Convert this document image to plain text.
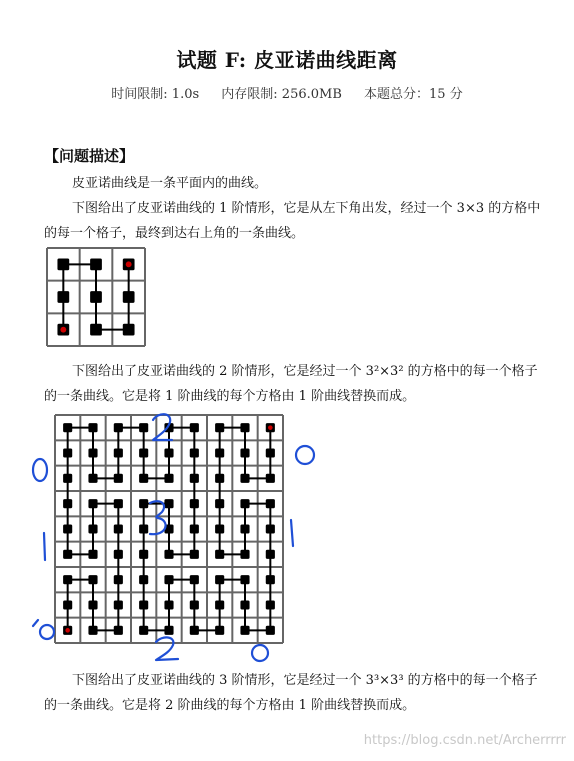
试题 F: 皮亚诺曲线距离
时间限制: 1.0s 内存限制: 256.0MB 本题总分：15 分
【问题描述】
皮亚诺曲线是一条平面内的曲线。
下图给出了皮亚诺曲线的 1 阶情形，它是从左下角出发，经过一个 3×3 的方格中的每一个格子，最终到达右上角的一条曲线。
下图给出了皮亚诺曲线的 2 阶情形，它是经过一个 3²×3² 的方格中的每一个格子的一条曲线。它是将 1 阶曲线的每个方格由 1 阶曲线替换而成。
下图给出了皮亚诺曲线的 3 阶情形，它是经过一个 3³×3³ 的方格中的每一个格子的一条曲线。它是将 2 阶曲线的每个方格由 1 阶曲线替换而成。
https://blog.csdn.net/Archerrrrr
